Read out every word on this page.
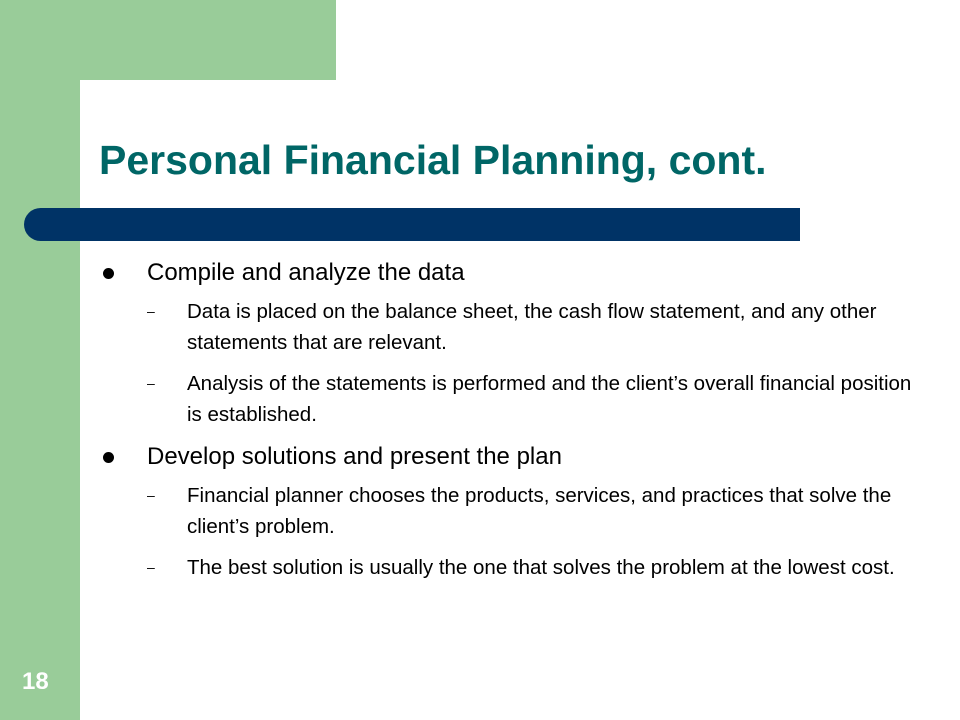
Personal Financial Planning, cont.
Compile and analyze the data
– Data is placed on the balance sheet, the cash flow statement, and any other statements that are relevant.
– Analysis of the statements is performed and the client’s overall financial position is established.
Develop solutions and present the plan
– Financial planner chooses the products, services, and practices that solve the client’s problem.
– The best solution is usually the one that solves the problem at the lowest cost.
18
